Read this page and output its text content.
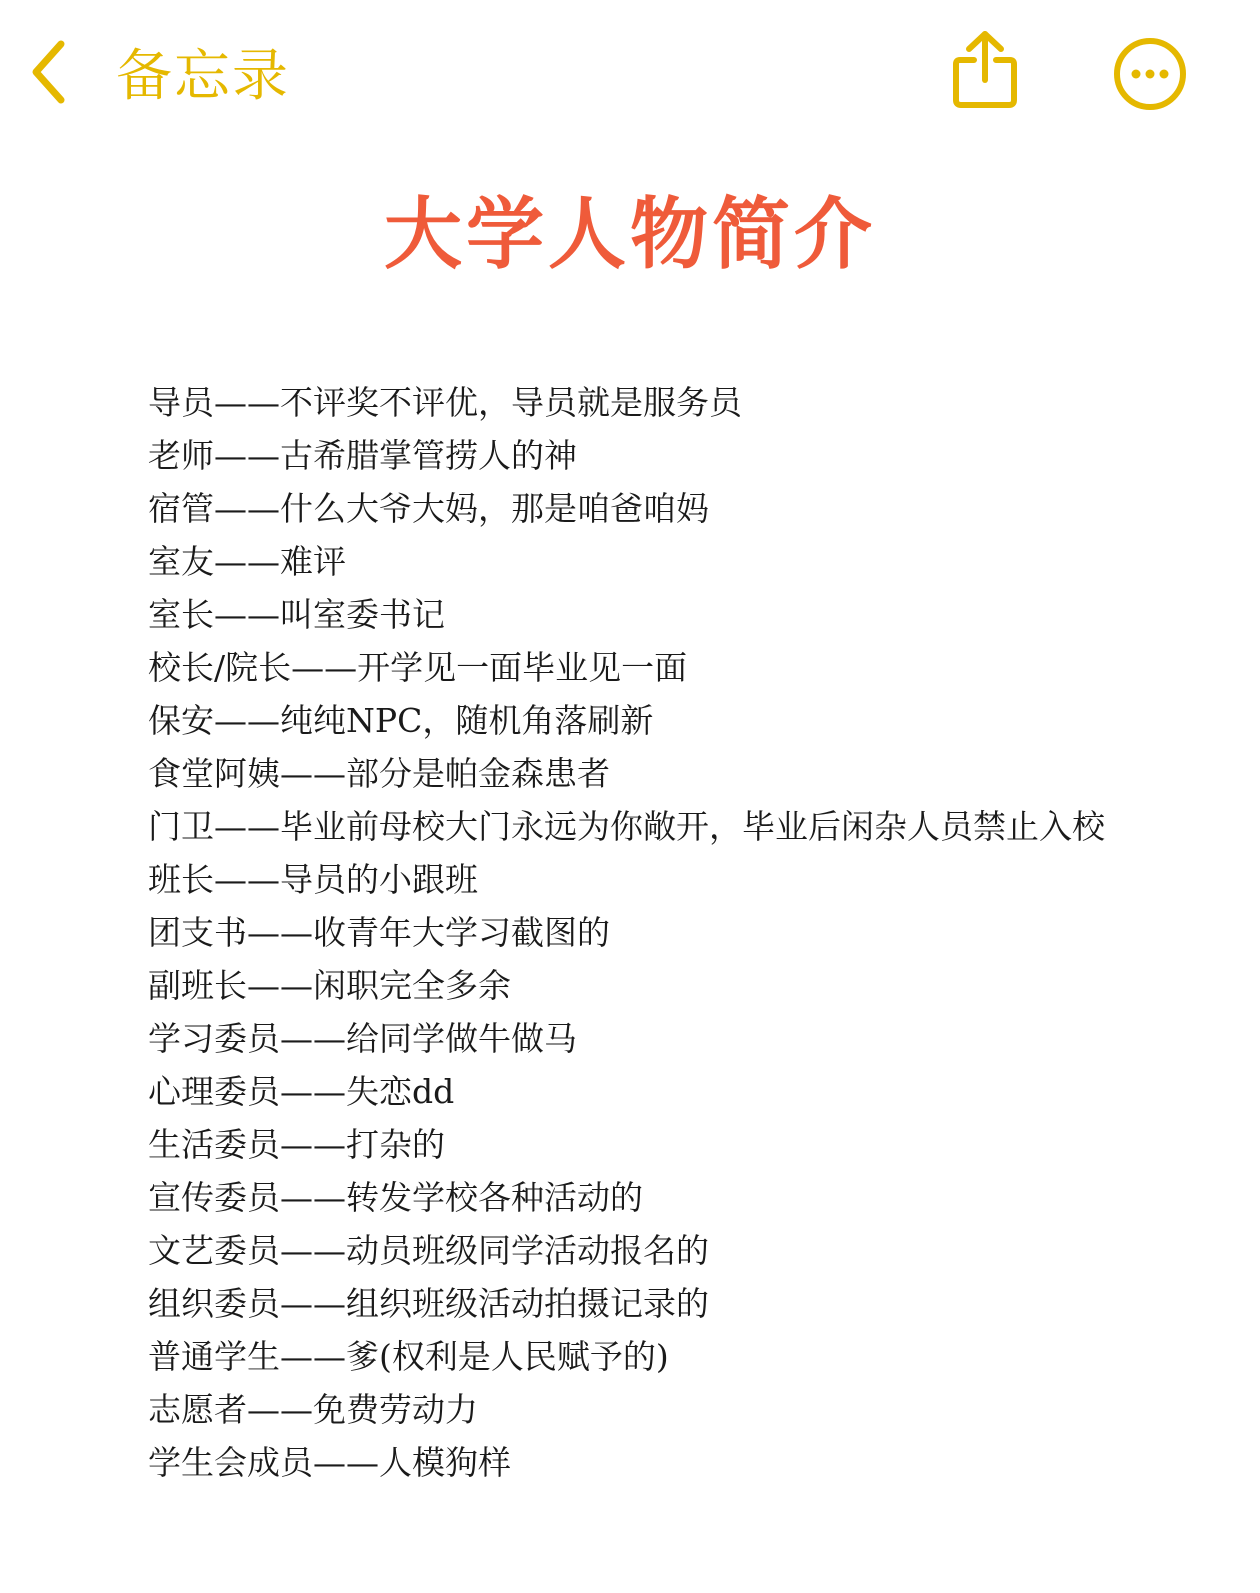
备忘录
大学人物简介
导员——不评奖不评优，导员就是服务员
老师——古希腊掌管捞人的神
宿管——什么大爷大妈，那是咱爸咱妈
室友——难评
室长——叫室委书记
校长/院长——开学见一面毕业见一面
保安——纯纯NPC，随机角落刷新
食堂阿姨——部分是帕金森患者
门卫——毕业前母校大门永远为你敞开，毕业后闲杂人员禁止入校
班长——导员的小跟班
团支书——收青年大学习截图的
副班长——闲职完全多余
学习委员——给同学做牛做马
心理委员——失恋dd
生活委员——打杂的
宣传委员——转发学校各种活动的
文艺委员——动员班级同学活动报名的
组织委员——组织班级活动拍摄记录的
普通学生——爹(权利是人民赋予的)
志愿者——免费劳动力
学生会成员——人模狗样
